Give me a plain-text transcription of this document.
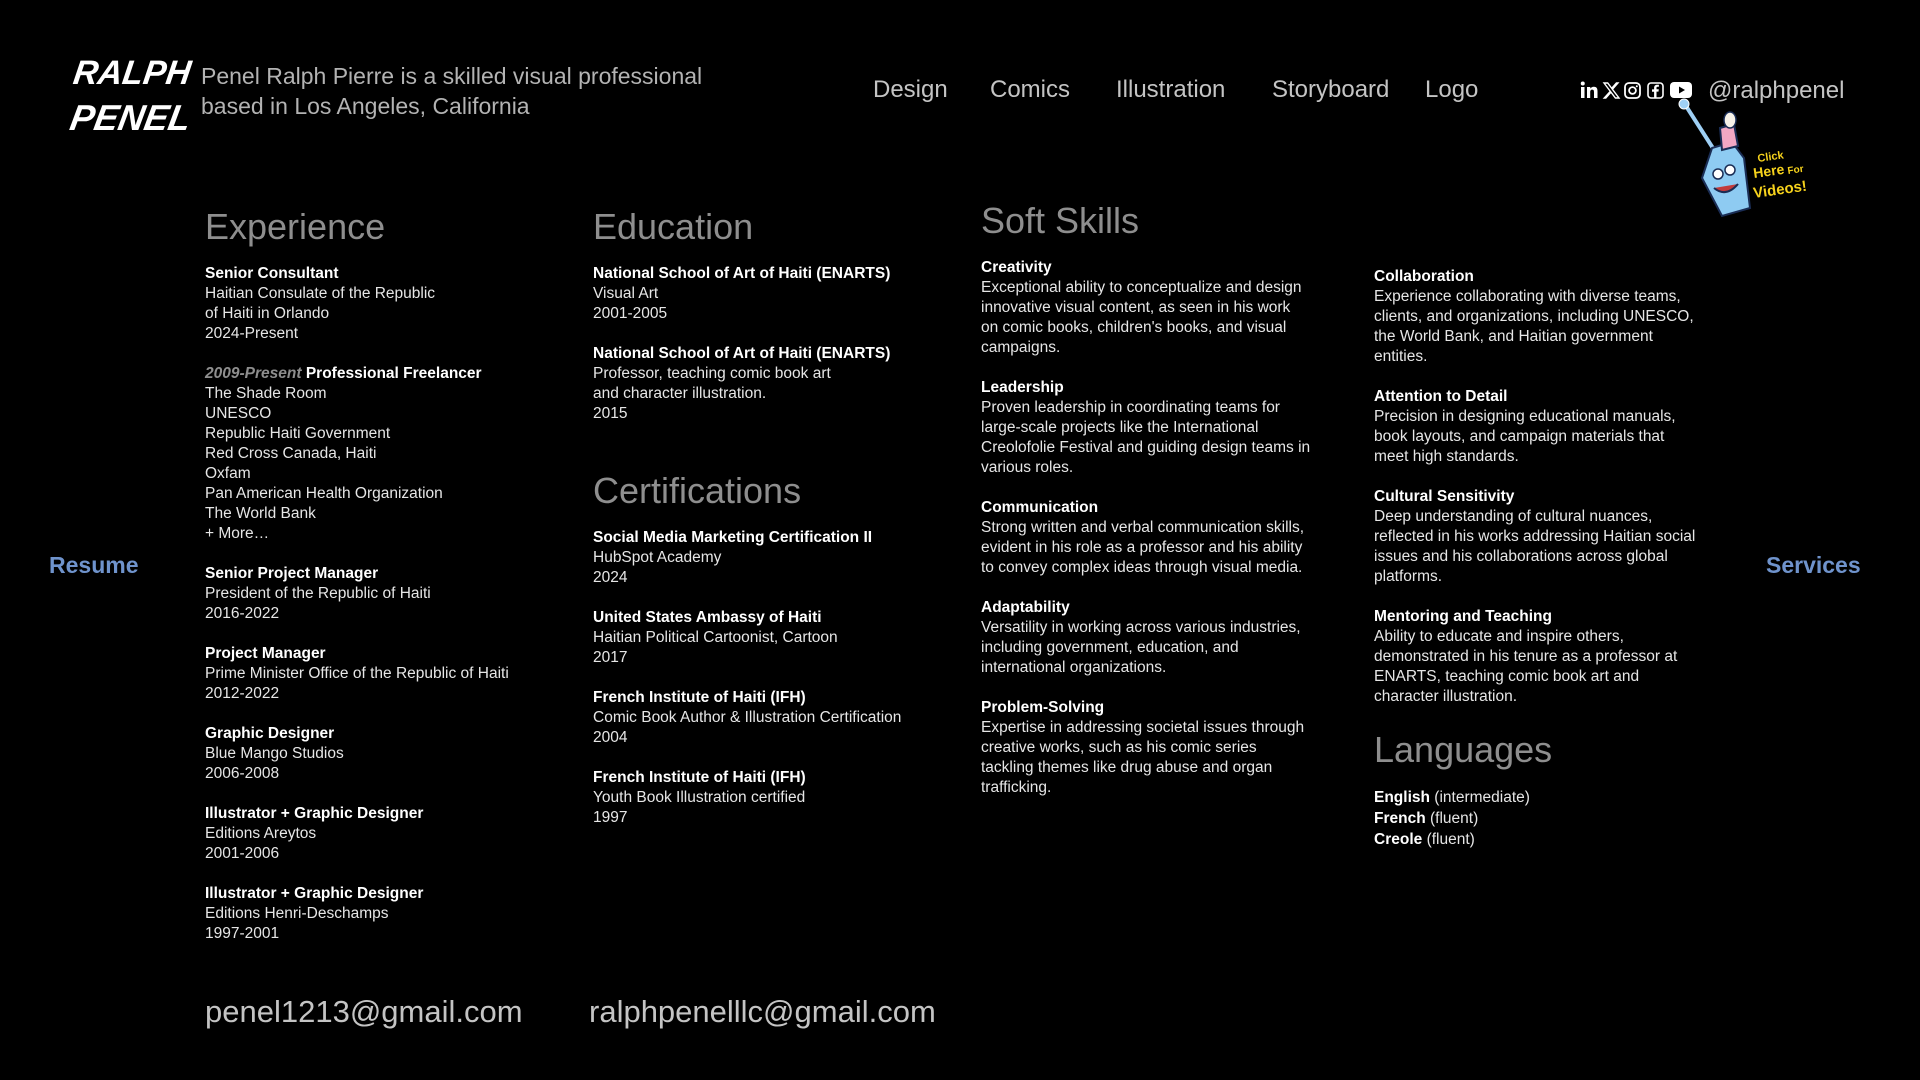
RALPH
PENEL
Penel Ralph Pierre is a skilled visual professional
based in Los Angeles, California
Design Comics Illustration Storyboard Logo	@ralphpenel
Click
Here For
Videos!
Resume	Services
Experience
Senior Consultant
Haitian Consulate of the Republic
of Haiti in Orlando
2024-Present
2009-Present Professional Freelancer
The Shade Room
UNESCO
Republic Haiti Government
Red Cross Canada, Haiti
Oxfam
Pan American Health Organization
The World Bank
+ More…
Senior Project Manager
President of the Republic of Haiti
2016-2022
Project Manager
Prime Minister Office of the Republic of Haiti
2012-2022
Graphic Designer
Blue Mango Studios
2006-2008
Illustrator + Graphic Designer
Editions Areytos
2001-2006
Illustrator + Graphic Designer
Editions Henri-Deschamps
1997-2001
Education
National School of Art of Haiti (ENARTS)
Visual Art
2001-2005
National School of Art of Haiti (ENARTS)
Professor, teaching comic book art
and character illustration.
2015
Certifications
Social Media Marketing Certification II
HubSpot Academy
2024
United States Ambassy of Haiti
Haitian Political Cartoonist, Cartoon
2017
French Institute of Haiti (IFH)
Comic Book Author & Illustration Certification
2004
French Institute of Haiti (IFH)
Youth Book Illustration certified
1997
Soft Skills
Creativity
Exceptional ability to conceptualize and design
innovative visual content, as seen in his work
on comic books, children's books, and visual
campaigns.
Leadership
Proven leadership in coordinating teams for
large-scale projects like the International
Creolofolie Festival and guiding design teams in
various roles.
Communication
Strong written and verbal communication skills,
evident in his role as a professor and his ability
to convey complex ideas through visual media.
Adaptability
Versatility in working across various industries,
including government, education, and
international organizations.
Problem-Solving
Expertise in addressing societal issues through
creative works, such as his comic series
tackling themes like drug abuse and organ
trafficking.
Collaboration
Experience collaborating with diverse teams,
clients, and organizations, including UNESCO,
the World Bank, and Haitian government
entities.
Attention to Detail
Precision in designing educational manuals,
book layouts, and campaign materials that
meet high standards.
Cultural Sensitivity
Deep understanding of cultural nuances,
reflected in his works addressing Haitian social
issues and his collaborations across global
platforms.
Mentoring and Teaching
Ability to educate and inspire others,
demonstrated in his tenure as a professor at
ENARTS, teaching comic book art and
character illustration.
Languages
English (intermediate)
French (fluent)
Creole (fluent)
penel1213@gmail.com ralphpenelllc@gmail.com
